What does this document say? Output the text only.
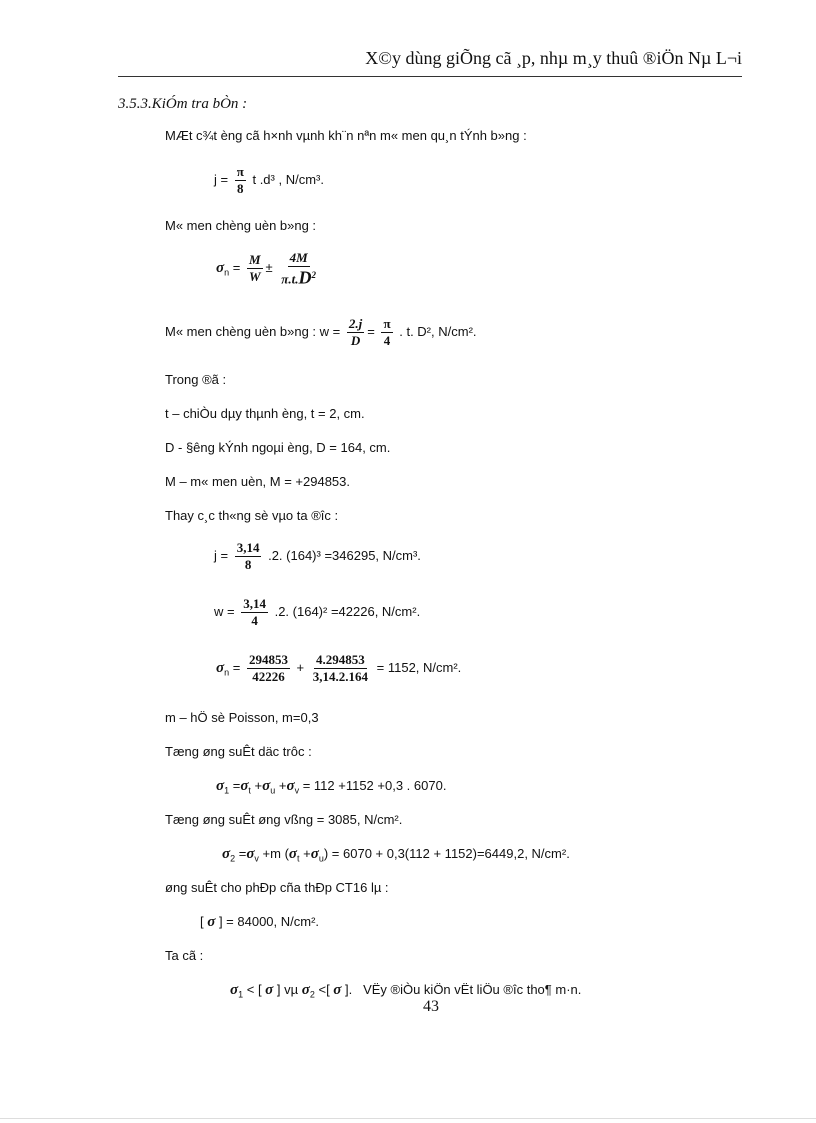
X©y dùng giÕng cã ¸p, nhµ m¸y thuû ®iÖn Nµ L¬i
3.5.3.KiÓm tra bÒn :
MÆt c¾t èng cã h×nh vµnh kh¨n nªn m« men qu¸n tÝnh b»ng :
$j = \frac{\pi}{8}$ t .d³ , N/cm³.
M« men chèng uèn b»ng :
$\sigma_n = \frac{M}{W} \pm \frac{4M}{\pi.t.D^2}$
M« men chèng uèn b»ng : $w = \frac{2.j}{D} = \frac{\pi}{4}$ . t. D², N/cm².
Trong ®ã :
t – chiÒu dµy thµnh èng, t = 2, cm.
D - §êng kÝnh ngoµi èng, D = 164, cm.
M – m« men uèn, M = +294853.
Thay c¸c th«ng sè vµo ta ®îc :
$j = \frac{3,14}{8} .2$. (164)³ =346295, N/cm³.
$w = \frac{3,14}{4} .2$. (164)² =42226, N/cm².
$\sigma_n = \frac{294853}{42226} + \frac{4.294853}{3,14.2.164} = 1152$, N/cm².
m – hÖ sè Poisson, m=0,3
Tæng øng suÊt däc trôc :
$\sigma_1 =\sigma_t +\sigma_u +\sigma_v = 112 +1152 +0,3$ . 6070.
Tæng øng suÊt øng vßng = 3085, N/cm².
$\sigma_2 =\sigma_v +m$ $(\sigma_t +\sigma_u) = 6070 + 0,3(112 + 1152)=6449,2$, N/cm².
øng suÊt cho phÐp cña thÐp CT16 lµ :
[ σ ] = 84000, N/cm².
Ta cã :
$\sigma_1$ < [ σ ] vµ $\sigma_2$ <[ σ ].   VËy ®iÒu kiÖn vËt liÖu ®îc tho¶ m·n.
43
